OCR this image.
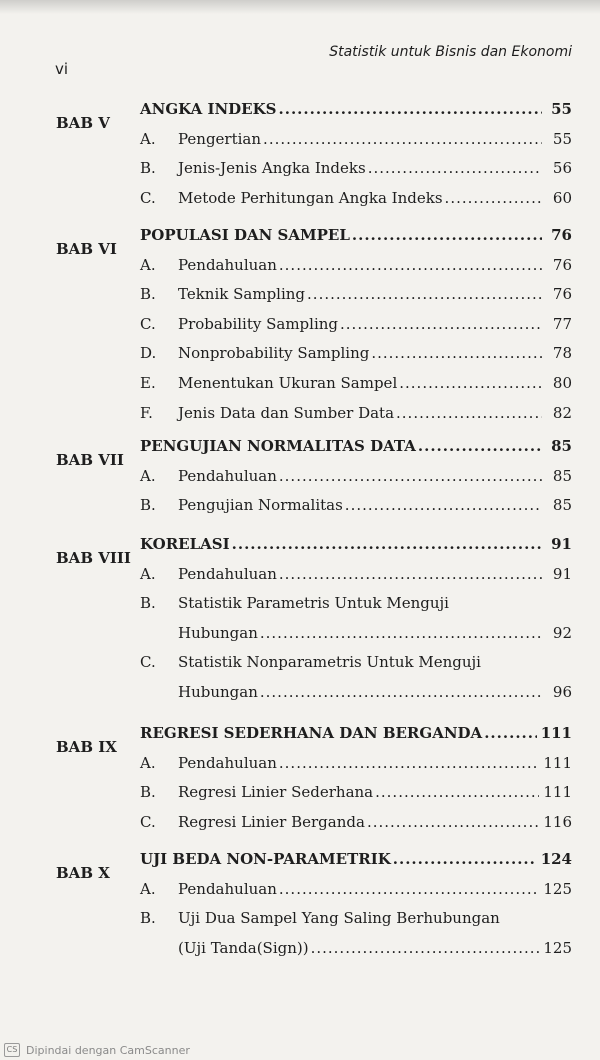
Statistik untuk Bisnis dan Ekonomi
vi
BAB V
ANGKA INDEKS .....	55
A. Pengertian .....	55
B. Jenis-Jenis Angka Indeks .....	56
C. Metode Perhitungan Angka Indeks .....	60
BAB VI
POPULASI DAN SAMPEL .....	76
A. Pendahuluan .....	76
B. Teknik Sampling .....	76
C. Probability Sampling .....	77
D. Nonprobability Sampling .....	78
E. Menentukan Ukuran Sampel .....	80
F. Jenis Data dan Sumber Data .....	82
BAB VII
PENGUJIAN NORMALITAS DATA .....	85
A. Pendahuluan .....	85
B. Pengujian Normalitas .....	85
BAB VIII
KORELASI .....	91
A. Pendahuluan .....	91
B. Statistik Parametris Untuk Menguji
Hubungan .....	92
C. Statistik Nonparametris Untuk Menguji
Hubungan .....	96
BAB IX
REGRESI SEDERHANA DAN BERGANDA .....	111
A. Pendahuluan .....	111
B. Regresi Linier Sederhana .....	111
C. Regresi Linier Berganda .....	116
BAB X
UJI BEDA NON-PARAMETRIK .....	124
A. Pendahuluan .....	125
B. Uji Dua Sampel Yang Saling Berhubungan
(Uji Tanda(Sign)) .....	125
CS Dipindai dengan CamScanner
